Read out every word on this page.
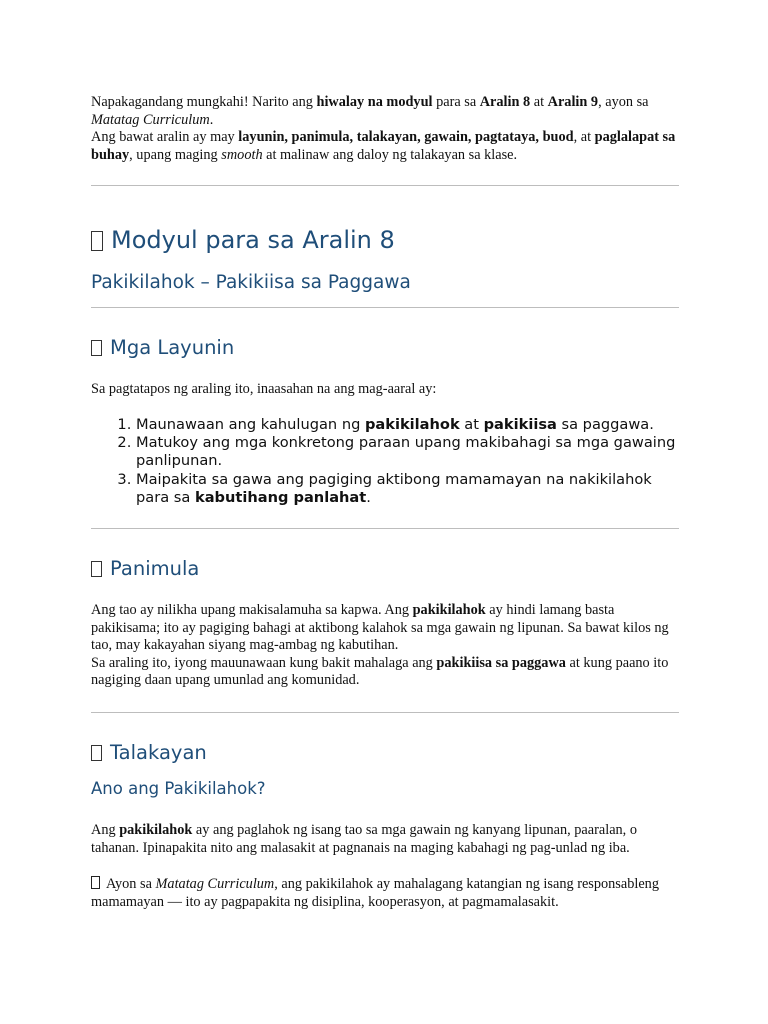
Napakagandang mungkahi! Narito ang hiwalay na modyul para sa Aralin 8 at Aralin 9, ayon sa Matatag Curriculum.
Ang bawat aralin ay may layunin, panimula, talakayan, gawain, pagtataya, buod, at paglalapat sa buhay, upang maging smooth at malinaw ang daloy ng talakayan sa klase.
Modyul para sa Aralin 8
Pakikilahok – Pakikiisa sa Paggawa
Mga Layunin
Sa pagtatapos ng araling ito, inaasahan na ang mag-aaral ay:
1. Maunawaan ang kahulugan ng pakikilahok at pakikiisa sa paggawa.
2. Matukoy ang mga konkretong paraan upang makibahagi sa mga gawaing panlipunan.
3. Maipakita sa gawa ang pagiging aktibong mamamayan na nakikilahok para sa kabutihang panlahat.
Panimula
Ang tao ay nilikha upang makisalamuha sa kapwa. Ang pakikilahok ay hindi lamang basta pakikisama; ito ay pagiging bahagi at aktibong kalahok sa mga gawain ng lipunan. Sa bawat kilos ng tao, may kakayahan siyang mag-ambag ng kabutihan.
Sa araling ito, iyong mauunawaan kung bakit mahalaga ang pakikiisa sa paggawa at kung paano ito nagiging daan upang umunlad ang komunidad.
Talakayan
Ano ang Pakikilahok?
Ang pakikilahok ay ang paglahok ng isang tao sa mga gawain ng kanyang lipunan, paaralan, o tahanan. Ipinapakita nito ang malasakit at pagnanais na maging kabahagi ng pag-unlad ng iba.
Ayon sa Matatag Curriculum, ang pakikilahok ay mahalagang katangian ng isang responsableng mamamayan — ito ay pagpapakita ng disiplina, kooperasyon, at pagmamalasakit.
